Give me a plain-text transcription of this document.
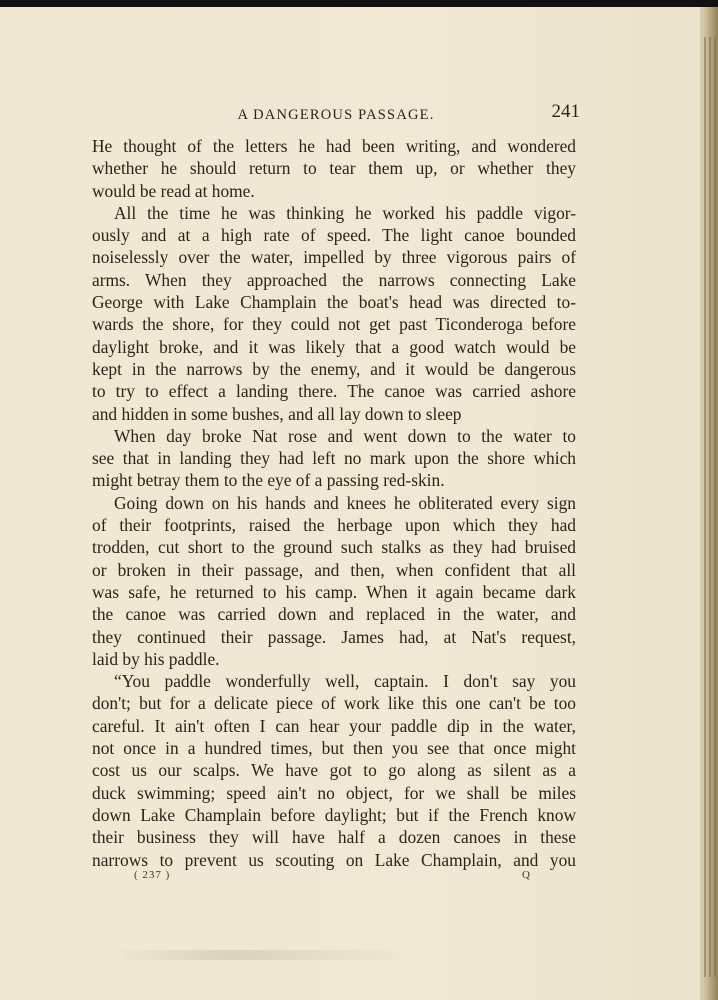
A DANGEROUS PASSAGE.	241
He thought of the letters he had been writing, and wondered
whether he should return to tear them up, or whether they
would be read at home.
All the time he was thinking he worked his paddle vigor-
ously and at a high rate of speed. The light canoe bounded
noiselessly over the water, impelled by three vigorous pairs of
arms. When they approached the narrows connecting Lake
George with Lake Champlain the boat's head was directed to-
wards the shore, for they could not get past Ticonderoga before
daylight broke, and it was likely that a good watch would be
kept in the narrows by the enemy, and it would be dangerous
to try to effect a landing there. The canoe was carried ashore
and hidden in some bushes, and all lay down to sleep
When day broke Nat rose and went down to the water to
see that in landing they had left no mark upon the shore which
might betray them to the eye of a passing red-skin.
Going down on his hands and knees he obliterated every sign
of their footprints, raised the herbage upon which they had
trodden, cut short to the ground such stalks as they had bruised
or broken in their passage, and then, when confident that all
was safe, he returned to his camp. When it again became dark
the canoe was carried down and replaced in the water, and
they continued their passage. James had, at Nat's request,
laid by his paddle.
“You paddle wonderfully well, captain. I don't say you
don't; but for a delicate piece of work like this one can't be too
careful. It ain't often I can hear your paddle dip in the water,
not once in a hundred times, but then you see that once might
cost us our scalps. We have got to go along as silent as a
duck swimming; speed ain't no object, for we shall be miles
down Lake Champlain before daylight; but if the French know
their business they will have half a dozen canoes in these
narrows to prevent us scouting on Lake Champlain, and you
( 237 )	Q
